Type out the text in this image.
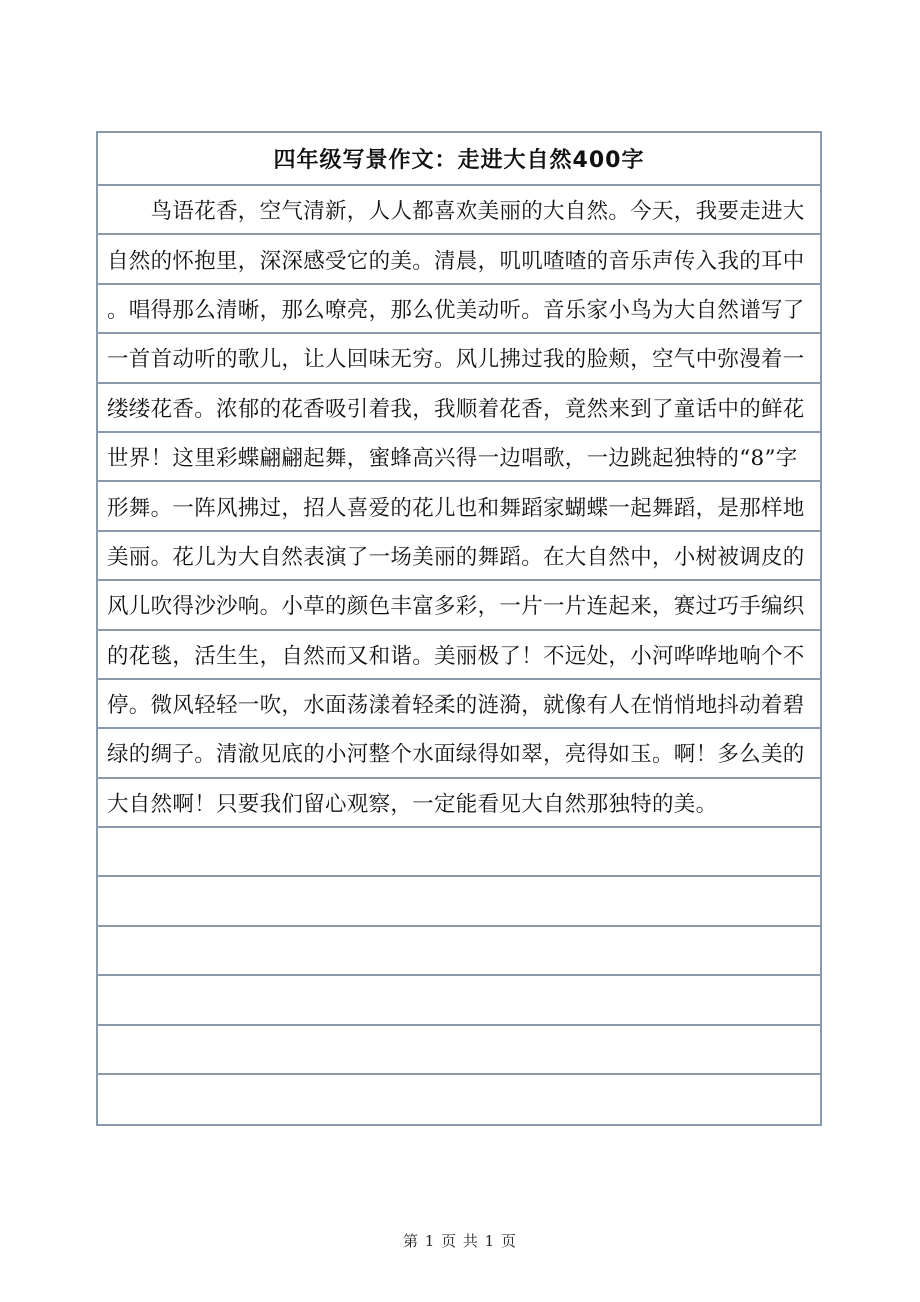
四年级写景作文：走进大自然400字
　　鸟语花香，空气清新，人人都喜欢美丽的大自然。今天，我要走进大
自然的怀抱里，深深感受它的美。清晨，叽叽喳喳的音乐声传入我的耳中
。唱得那么清晰，那么嘹亮，那么优美动听。音乐家小鸟为大自然谱写了
一首首动听的歌儿，让人回味无穷。风儿拂过我的脸颊，空气中弥漫着一
缕缕花香。浓郁的花香吸引着我，我顺着花香，竟然来到了童话中的鲜花
世界！这里彩蝶翩翩起舞，蜜蜂高兴得一边唱歌，一边跳起独特的“8”字
形舞。一阵风拂过，招人喜爱的花儿也和舞蹈家蝴蝶一起舞蹈，是那样地
美丽。花儿为大自然表演了一场美丽的舞蹈。在大自然中，小树被调皮的
风儿吹得沙沙响。小草的颜色丰富多彩，一片一片连起来，赛过巧手编织
的花毯，活生生，自然而又和谐。美丽极了！不远处，小河哗哗地响个不
停。微风轻轻一吹，水面荡漾着轻柔的涟漪，就像有人在悄悄地抖动着碧
绿的绸子。清澈见底的小河整个水面绿得如翠，亮得如玉。啊！多么美的
大自然啊！只要我们留心观察，一定能看见大自然那独特的美。
第 1 页 共 1 页
